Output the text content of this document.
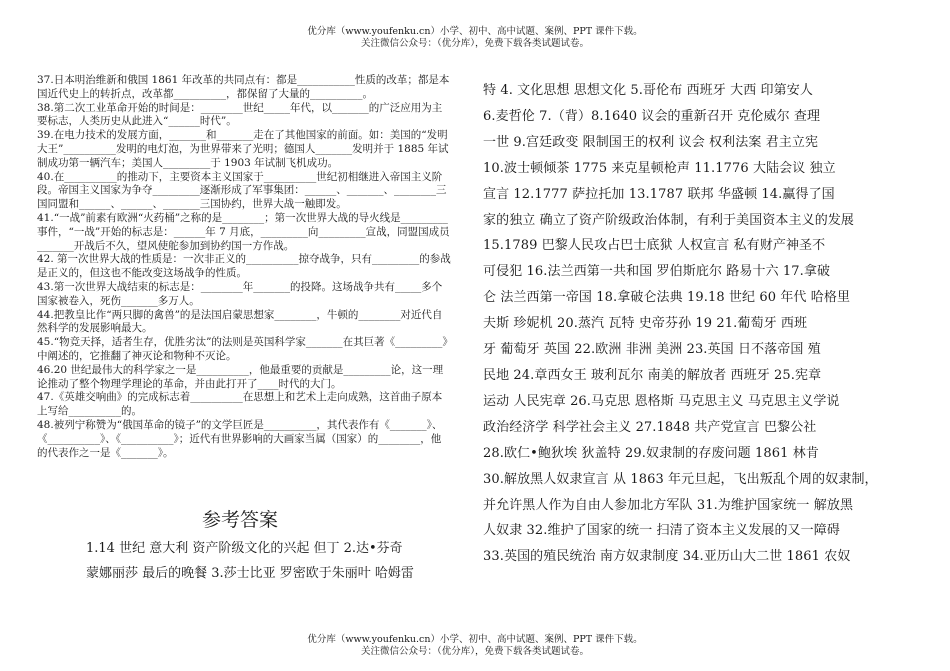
优分库（www.youfenku.cn）小学、初中、高中试题、案例、PPT 课件下载。
关注微信公众号：（优分库），免费下载各类试题试卷。

37.日本明治维新和俄国 1861 年改革的共同点有：都是___________性质的改革；都是本国近代史上的转折点，改革都__________，都保留了大量的__________。

38.第二次工业革命开始的时间是：________世纪_____年代，以_______的广泛应用为主要标志，人类历史从此进入“______时代”。

39.在电力技术的发展方面，_______和_______走在了其他国家的前面。如：美国的“发明大王”__________发明的电灯泡，为世界带来了光明；德国人_______发明并于 1885 年试制成功第一辆汽车；美国人_________于 1903 年试制飞机成功。

40.在__________的推动下，主要资本主义国家于__________世纪初相继进入帝国主义阶段。帝国主义国家为争夺_________逐渐形成了军事集团：______、_______、________三国同盟和______、______、_______三国协约，世界大战一触即发。

41.“一战”前素有欧洲“火药桶”之称的是________；第一次世界大战的导火线是_________事件，“一战”开始的标志是：______年 7 月底，_________向_________宣战，同盟国成员_______开战后不久，望风使舵参加到协约国一方作战。

42. 第一次世界大战的性质是：一次非正义的__________掠夺战争，只有_________的参战是正义的，但这也不能改变这场战争的性质。

43.第一次世界大战结束的标志是：________年_______的投降。这场战争共有_____多个国家被卷入，死伤_______多万人。

44.把教皇比作“两只脚的禽兽”的是法国启蒙思想家________，牛顿的________对近代自然科学的发展影响最大。

45.“物竞天择，适者生存，优胜劣汰”的法则是英国科学家_______在其巨著《_________》中阐述的，它推翻了神灭论和物种不灭论。

46.20 世纪最伟大的科学家之一是__________，他最重要的贡献是_________论，这一理论推动了整个物理学理论的革命，并由此打开了____时代的大门。

47.《英雄交响曲》的完成标志着__________在思想上和艺术上走向成熟，这首曲子原本上写给__________的。

48.被列宁称赞为“俄国革命的镜子”的文学巨匠是__________，其代表作有《_______》、《__________》、《__________》；近代有世界影响的大画家当属（国家）的________，他的代表作之一是《_______》。

参考答案

1.14 世纪 意大利 资产阶级文化的兴起 但丁 2.达•芬奇

蒙娜丽莎 最后的晚餐 3.莎士比亚 罗密欧于朱丽叶 哈姆雷

特 4. 文化思想 思想文化 5.哥伦布 西班牙 大西 印第安人

6.麦哲伦 7.（背）8.1640 议会的重新召开 克伦威尔 查理

一世 9.宫廷政变 限制国王的权利 议会 权利法案 君主立宪

10.波士顿倾茶 1775 来克星顿枪声 11.1776 大陆会议 独立

宣言 12.1777 萨拉托加 13.1787 联邦 华盛顿 14.赢得了国

家的独立 确立了资产阶级政治体制，有利于美国资本主义的发展

15.1789 巴黎人民攻占巴士底狱 人权宣言 私有财产神圣不

可侵犯 16.法兰西第一共和国 罗伯斯庇尔 路易十六 17.拿破

仑 法兰西第一帝国 18.拿破仑法典 19.18 世纪 60 年代 哈格里

夫斯 珍妮机 20.蒸汽 瓦特 史帝芬孙 19 21.葡萄牙 西班

牙 葡萄牙 英国 22.欧洲 非洲 美洲 23.英国 日不落帝国 殖

民地 24.章西女王 玻利瓦尔 南美的解放者 西班牙 25.宪章

运动 人民宪章 26.马克思 恩格斯 马克思主义 马克思主义学说

政治经济学 科学社会主义 27.1848 共产党宣言 巴黎公社

28.欧仁•鲍狄埃 狄盖特 29.奴隶制的存废问题 1861 林肯

30.解放黑人奴隶宣言 从 1863 年元旦起，飞出叛乱个周的奴隶制，

并允许黑人作为自由人参加北方军队 31.为维护国家统一 解放黑

人奴隶 32.维护了国家的统一 扫清了资本主义发展的又一障碍

33.英国的殖民统治 南方奴隶制度 34.亚历山大二世 1861 农奴

优分库（www.youfenku.cn）小学、初中、高中试题、案例、PPT 课件下载。
关注微信公众号：（优分库），免费下载各类试题试卷。
